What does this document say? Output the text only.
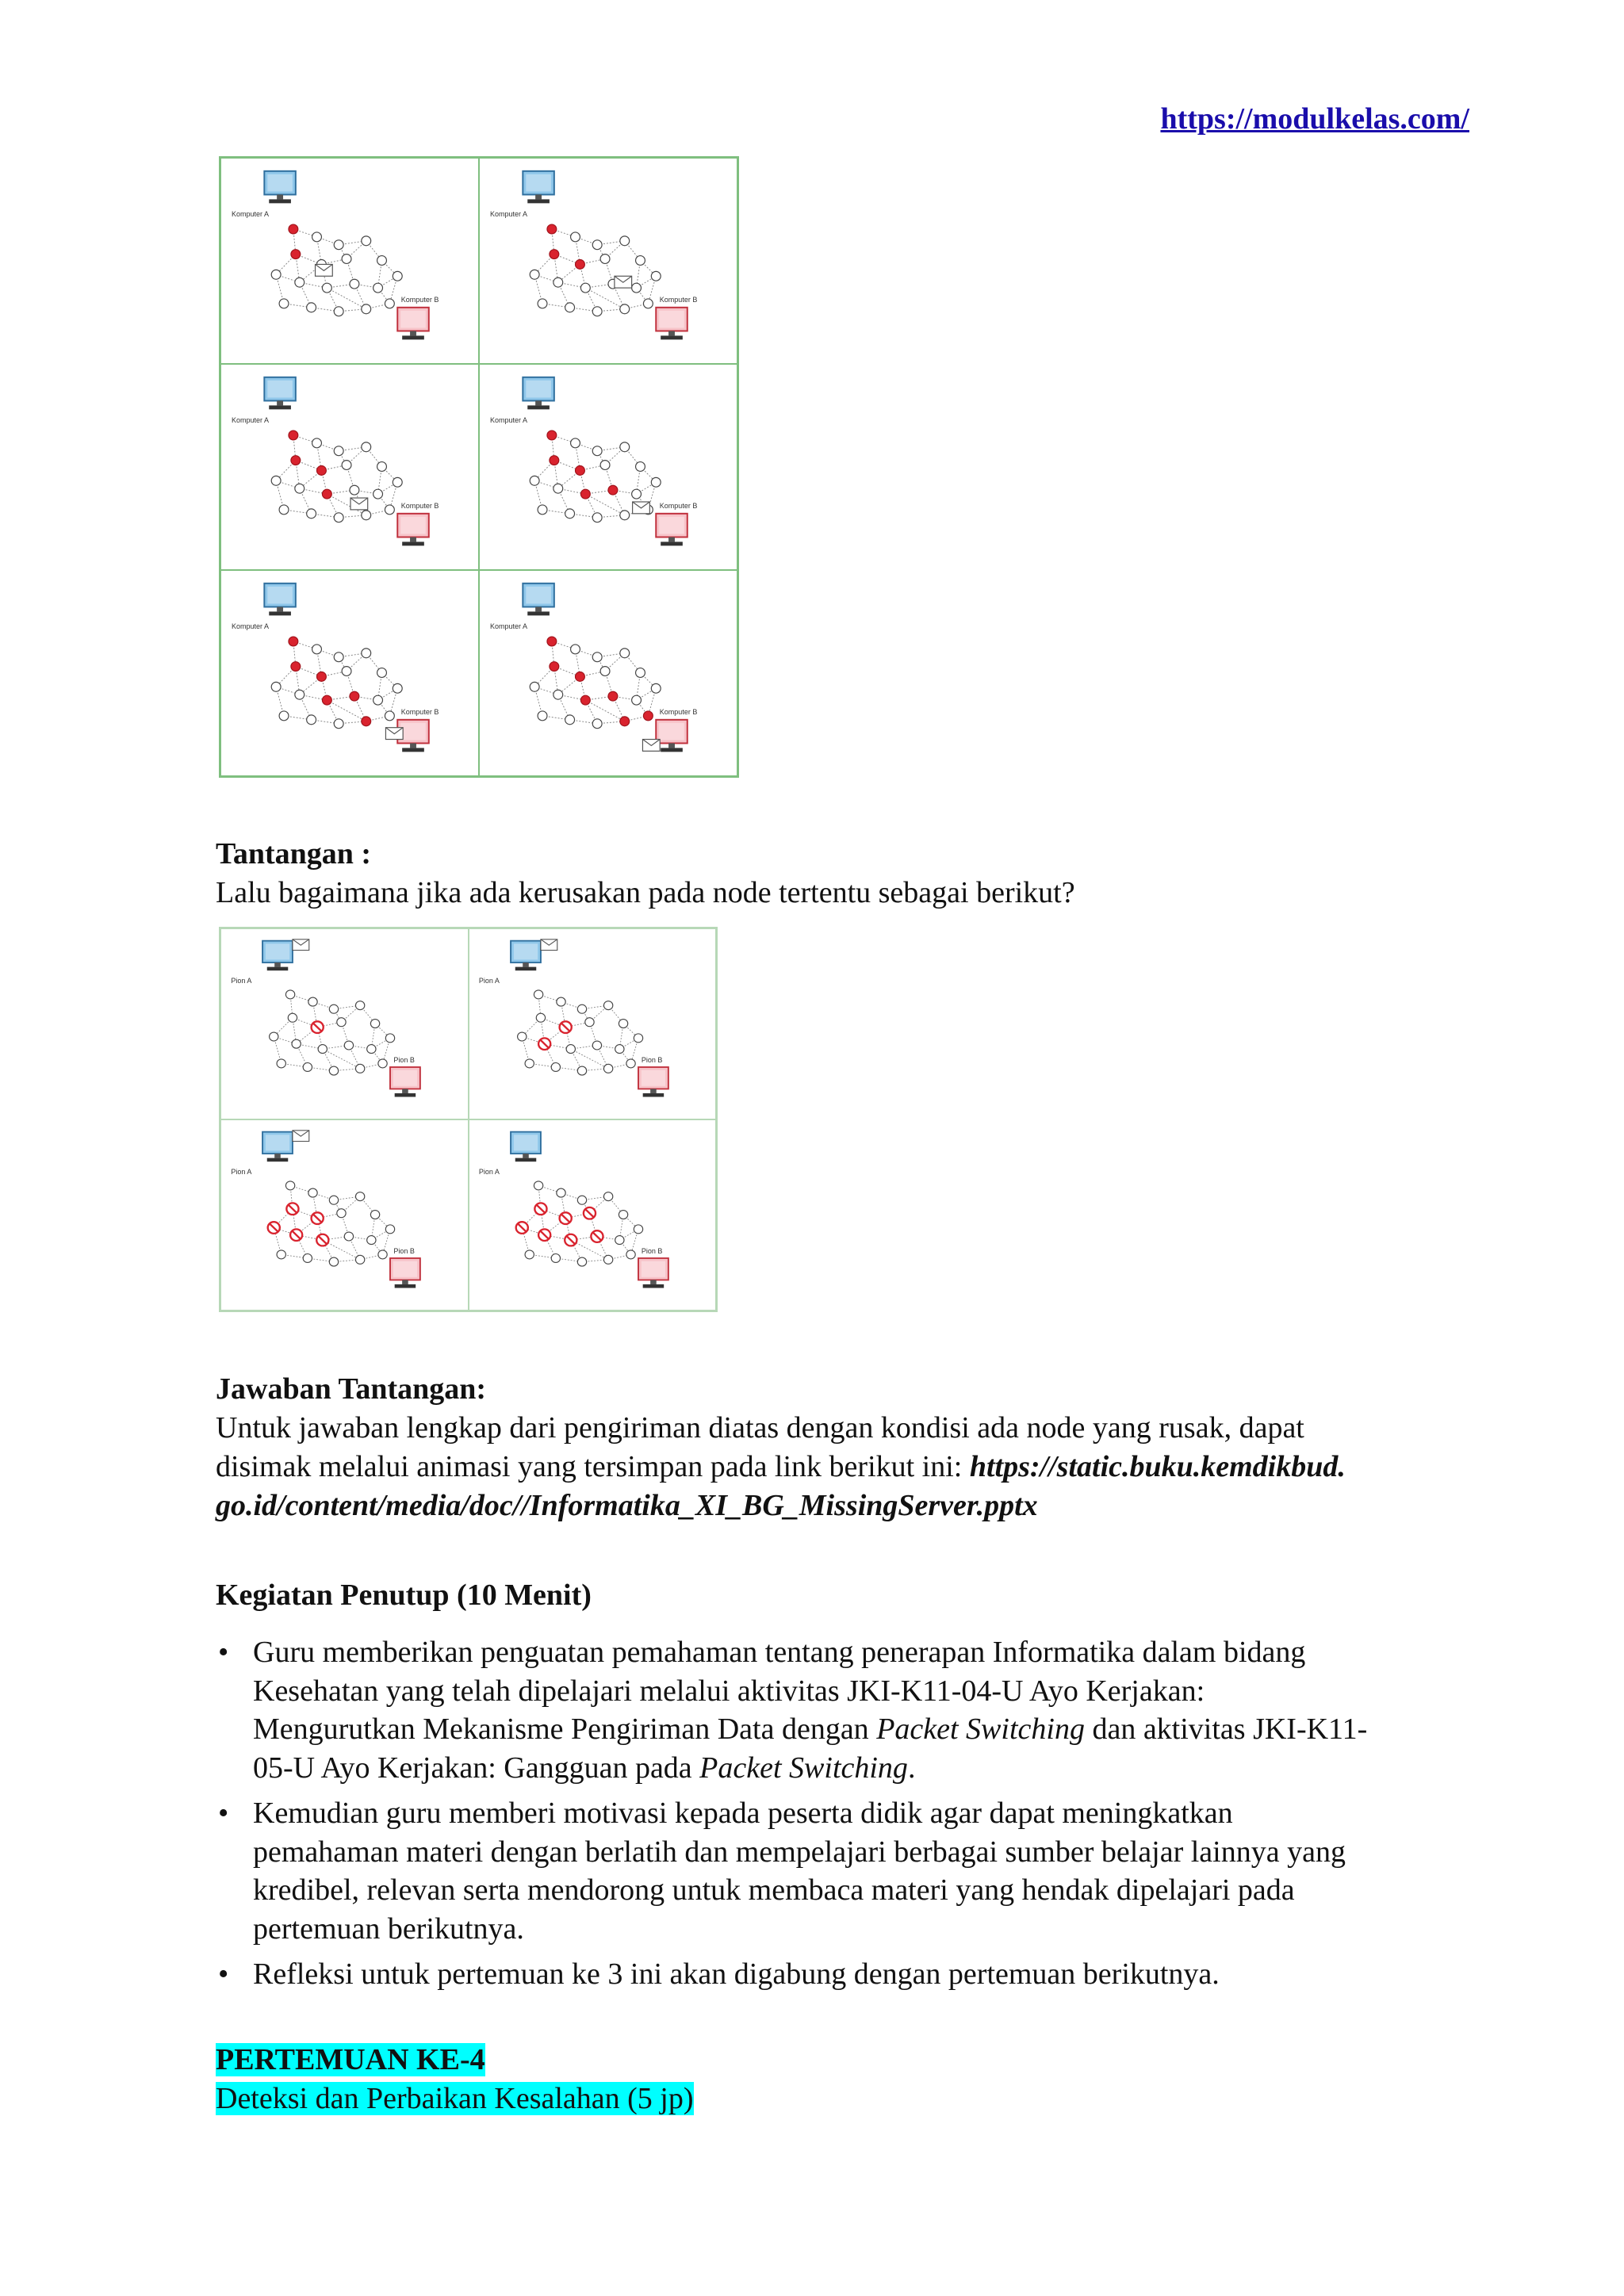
https://modulkelas.com/
Komputer A
Komputer B
Komputer A
Komputer B
Komputer A
Komputer B
Komputer A
Komputer B
Komputer A
Komputer B
Komputer A
Komputer B
Tantangan :
Lalu bagaimana jika ada kerusakan pada node tertentu sebagai berikut?
Pion A
Pion B
Pion A
Pion B
Pion A
Pion B
Pion A
Pion B
Jawaban Tantangan:
Untuk jawaban lengkap dari pengiriman diatas dengan kondisi ada node yang rusak, dapat
disimak melalui animasi yang tersimpan pada link berikut ini: https://static.buku.kemdikbud.
go.id/content/media/doc//Informatika_XI_BG_MissingServer.pptx
Kegiatan Penutup (10 Menit)
• Guru memberikan penguatan pemahaman tentang penerapan Informatika dalam bidang
Kesehatan yang telah dipelajari melalui aktivitas JKI-K11-04-U Ayo Kerjakan:
Mengurutkan Mekanisme Pengiriman Data dengan Packet Switching dan aktivitas JKI-K11-
05-U Ayo Kerjakan: Gangguan pada Packet Switching.
• Kemudian guru memberi motivasi kepada peserta didik agar dapat meningkatkan
pemahaman materi dengan berlatih dan mempelajari berbagai sumber belajar lainnya yang
kredibel, relevan serta mendorong untuk membaca materi yang hendak dipelajari pada
pertemuan berikutnya.
• Refleksi untuk pertemuan ke 3 ini akan digabung dengan pertemuan berikutnya.
PERTEMUAN KE-4
Deteksi dan Perbaikan Kesalahan (5 jp)
